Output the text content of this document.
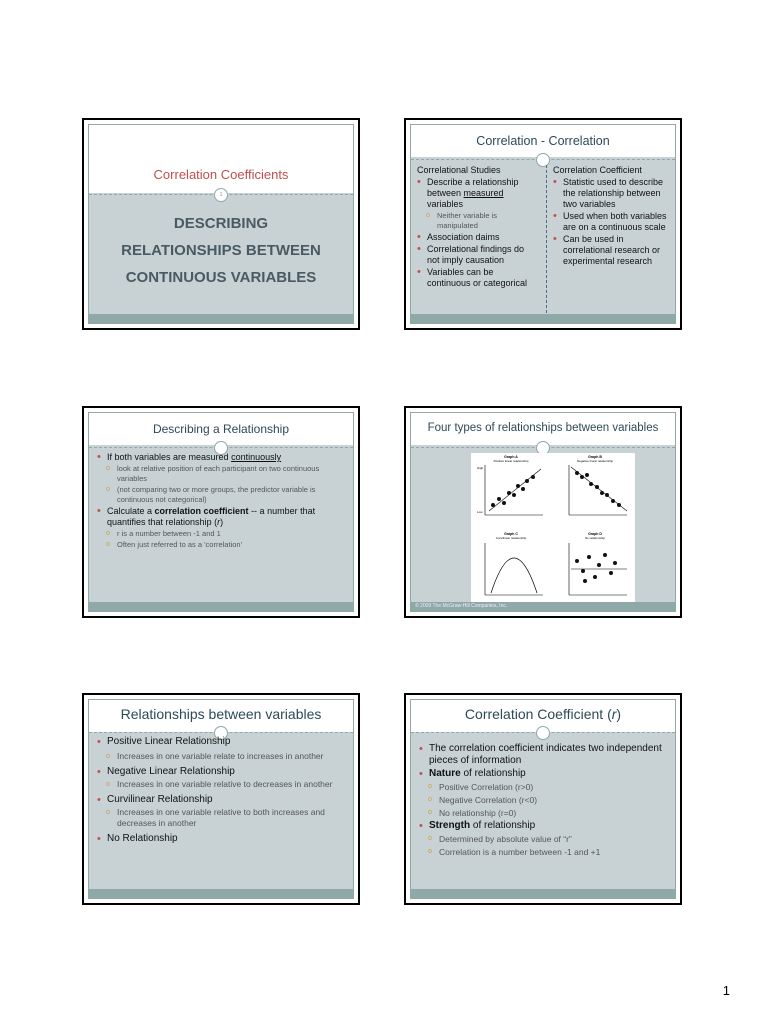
Correlation Coefficients
1
DESCRIBING
RELATIONSHIPS BETWEEN
CONTINUOUS VARIABLES
Correlation - Correlation
Correlational Studies
• Describe a relationship between measured variables
o Neither variable is manipulated
• Association daims
• Correlational findings do not imply causation
• Variables can be continuous or categorical
Correlation Coefficient
• Statistic used to describe the relationship between two variables
• Used when both variables are on a continuous scale
• Can be used in correlational research or experimental research
Describing a Relationship
• If both variables are measured continuously
o look at relative position of each participant on two continuous variables
o (not comparing two or more groups, the predictor variable is continuous not categorical)
• Calculate a correlation coefficient -- a number that quantifies that relationship (r)
o r is a number between -1 and 1
o Often just referred to as a 'correlation'
Four types of relationships between variables
Graph A
Positive linear relationship
High
Low
Graph B
Negative linear relationship
Graph C
Curvilinear relationship
Graph D
No relationship
© 2009 The McGraw-Hill Companies, Inc.
Relationships between variables
• Positive Linear Relationship
o Increases in one variable relate to increases in another
• Negative Linear Relationship
o Increases in one variable relative to decreases in another
• Curvilinear Relationship
o Increases in one variable relative to both increases and decreases in another
• No Relationship
Correlation Coefficient (r)
• The correlation coefficient indicates two independent pieces of information
• Nature of relationship
o Positive Correlation (r>0)
o Negative Correlation (r<0)
o No relationship (r=0)
• Strength of relationship
o Determined by absolute value of “r”
o Correlation is a number between -1 and +1
1
